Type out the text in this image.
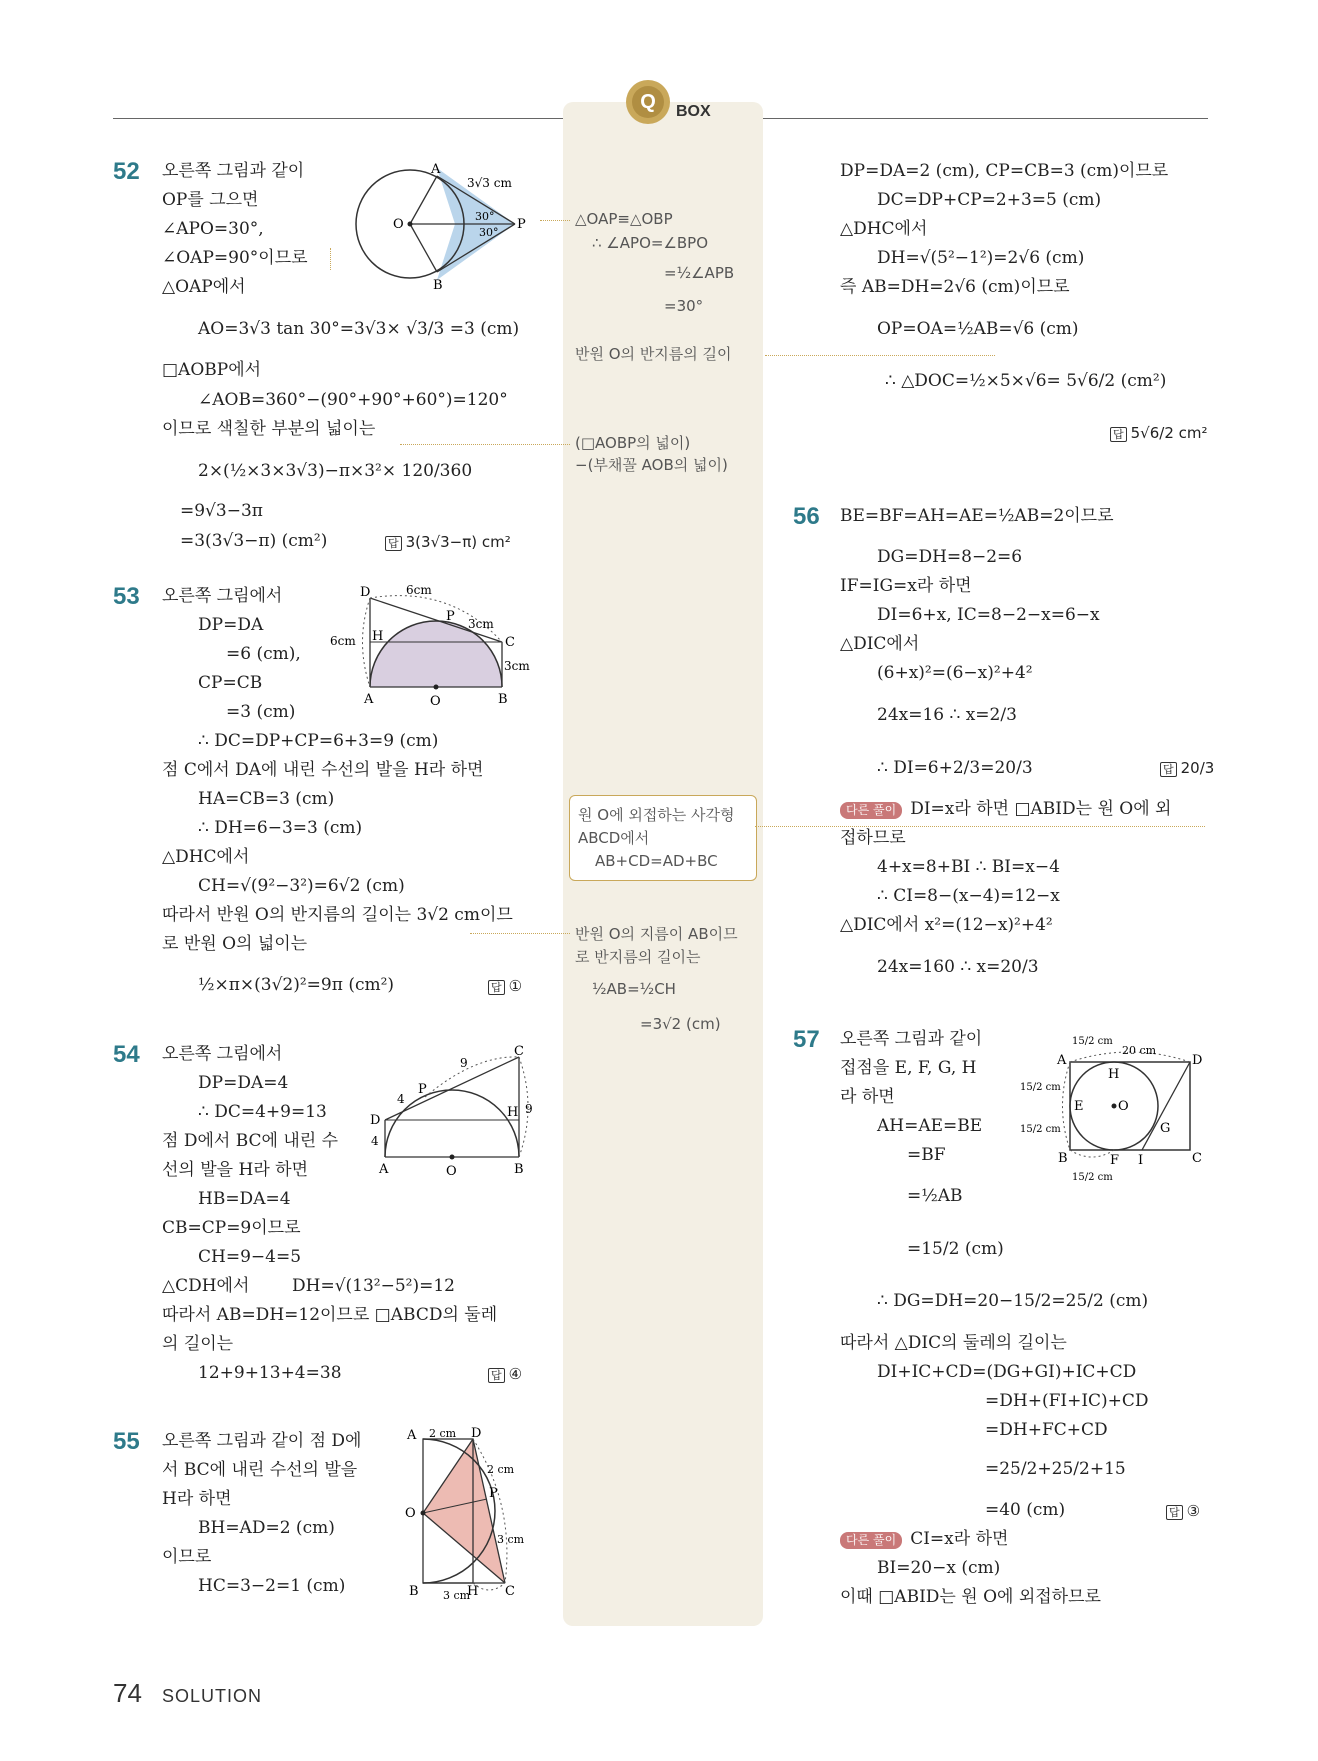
Q	BOX
52 오른쪽 그림과 같이
OP를 그으면
∠APO=30°,
∠OAP=90°이므로
△OAP에서
AO=3√3 tan 30°=3√3× √3/3 =3 (cm)
□AOBP에서
∠AOB=360°−(90°+90°+60°)=120°
이므로 색칠한 부분의 넓이는
2×(½×3×3√3)−π×3²× 120/360
=9√3−3π
=3(3√3−π) (cm²)	답 3(3√3−π) cm²
A
B
O	P
3√3 cm
30°
30°
53 오른쪽 그림에서
DP=DA
=6 (cm),
CP=CB
=3 (cm)
∴ DC=DP+CP=6+3=9 (cm)
점 C에서 DA에 내린 수선의 발을 H라 하면
HA=CB=3 (cm)
∴ DH=6−3=3 (cm)
△DHC에서
CH=√(9²−3²)=6√2 (cm)
따라서 반원 O의 반지름의 길이는 3√2 cm이므
로 반원 O의 넓이는
½×π×(3√2)²=9π (cm²)	답 ①
D
P
C
H
A	O	B
6cm
6cm
3cm
3cm
54 오른쪽 그림에서
DP=DA=4
∴ DC=4+9=13
점 D에서 BC에 내린 수
선의 발을 H라 하면
HB=DA=4
CB=CP=9이므로
CH=9−4=5
△CDH에서	DH=√(13²−5²)=12
따라서 AB=DH=12이므로 □ABCD의 둘레
의 길이는
12+9+13+4=38	답 ④
C
P
D
H
A	O	B
9
9
4
4
55 오른쪽 그림과 같이 점 D에
서 BC에 내린 수선의 발을
H라 하면
BH=AD=2 (cm)
이므로
HC=3−2=1 (cm)
A	D
O
P
B	H C
2 cm
2 cm
3 cm
3 cm
△OAP≡△OBP
∴ ∠APO=∠BPO
=½∠APB
=30°
반원 O의 반지름의 길이
(□AOBP의 넓이)
−(부채꼴 AOB의 넓이)
원 O에 외접하는 사각형
ABCD에서
AB+CD=AD+BC
반원 O의 지름이 AB이므
로 반지름의 길이는
½AB=½CH
=3√2 (cm)
DP=DA=2 (cm), CP=CB=3 (cm)이므로
DC=DP+CP=2+3=5 (cm)
△DHC에서
DH=√(5²−1²)=2√6 (cm)
즉 AB=DH=2√6 (cm)이므로
OP=OA=½AB=√6 (cm)
∴ △DOC=½×5×√6= 5√6/2 (cm²)
답 5√6/2 cm²
56 BE=BF=AH=AE=½AB=2이므로
DG=DH=8−2=6
IF=IG=x라 하면
DI=6+x, IC=8−2−x=6−x
△DIC에서
(6+x)²=(6−x)²+4²
24x=16 ∴ x=2/3
∴ DI=6+2/3=20/3	답 20/3
다른 풀이 DI=x라 하면 □ABID는 원 O에 외
접하므로
4+x=8+BI ∴ BI=x−4
∴ CI=8−(x−4)=12−x
△DIC에서 x²=(12−x)²+4²
24x=160 ∴ x=20/3
57 오른쪽 그림과 같이
접점을 E, F, G, H
라 하면
AH=AE=BE
=BF
=½AB
=15/2 (cm)
∴ DG=DH=20−15/2=25/2 (cm)
따라서 △DIC의 둘레의 길이는
DI+IC+CD=(DG+GI)+IC+CD
=DH+(FI+IC)+CD
=DH+FC+CD
=25/2+25/2+15
=40 (cm)	답 ③
다른 풀이 CI=x라 하면
BI=20−x (cm)
이때 □ABID는 원 O에 외접하므로
A	D
H
E	O
G
B	F I	C
15/2 cm
20 cm
15/2 cm
15/2 cm
15/2 cm
74 SOLUTION
